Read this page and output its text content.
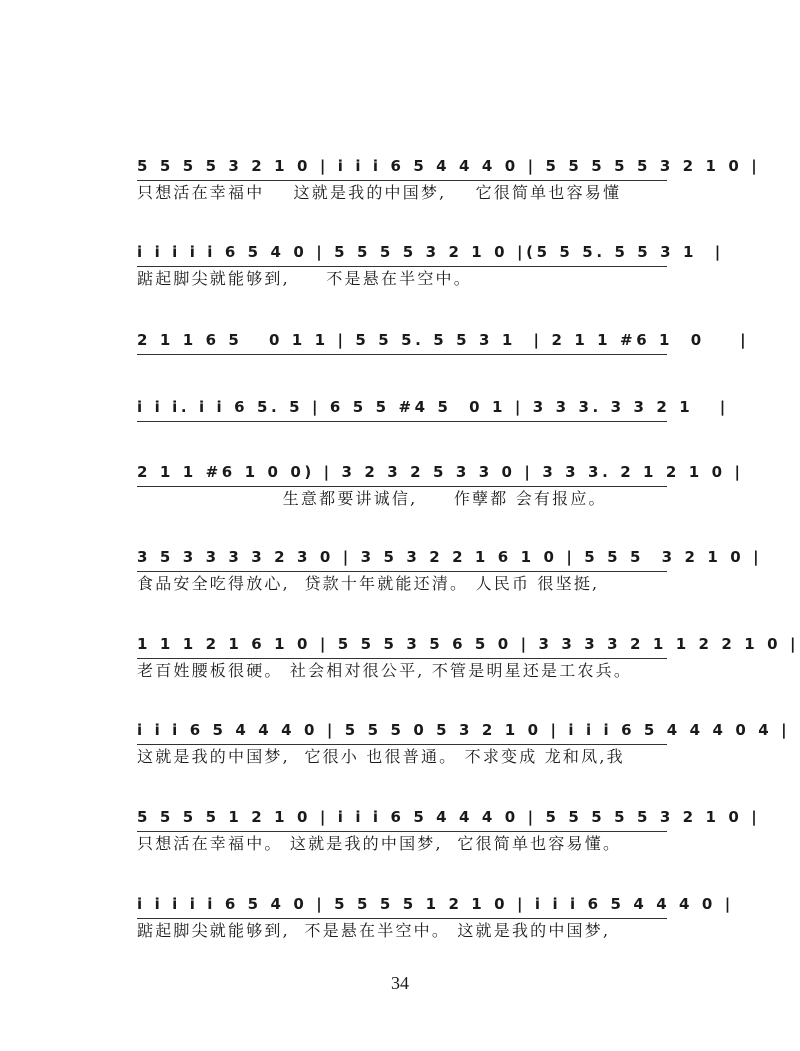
5 5 5 5 3 2 1 0 | i i i 6 5 4 4 4 0 | 5 5 5 5 5 3 2 1 0 |
只想活在幸福中    这就是我的中国梦,    它很简单也容易懂
i i i i i 6 5 4 0 | 5 5 5 5 3 2 1 0 |(5 5 5. 5 5 3 1  |
踮起脚尖就能够到,     不是悬在半空中。
2 1 1 6 5   0 1 1 | 5 5 5. 5 5 3 1  | 2 1 1 #6 1  0    |
i i i. i i 6 5. 5 | 6 5 5 #4 5  0 1 | 3 3 3. 3 3 2 1   |
2 1 1 #6 1 0 0) | 3 2 3 2 5 3 3 0 | 3 3 3. 2 1 2 1 0 |
生意都要讲诚信,     作孽都 会有报应。
3 5 3 3 3 3 2 3 0 | 3 5 3 2 2 1 6 1 0 | 5 5 5  3 2 1 0 |
食品安全吃得放心,  贷款十年就能还清。 人民币 很坚挺,
1 1 1 2 1 6 1 0 | 5 5 5 3 5 6 5 0 | 3 3 3 3 2 1 1 2 2 1 0 |
老百姓腰板很硬。 社会相对很公平, 不管是明星还是工农兵。
i i i 6 5 4 4 4 0 | 5 5 5 0 5 3 2 1 0 | i i i 6 5 4 4 4 0 4 |
这就是我的中国梦,  它很小 也很普通。 不求变成 龙和凤,我
5 5 5 5 1 2 1 0 | i i i 6 5 4 4 4 0 | 5 5 5 5 5 3 2 1 0 |
只想活在幸福中。 这就是我的中国梦,  它很简单也容易懂。
i i i i i 6 5 4 0 | 5 5 5 5 1 2 1 0 | i i i 6 5 4 4 4 0 |
踮起脚尖就能够到,  不是悬在半空中。 这就是我的中国梦,
34
